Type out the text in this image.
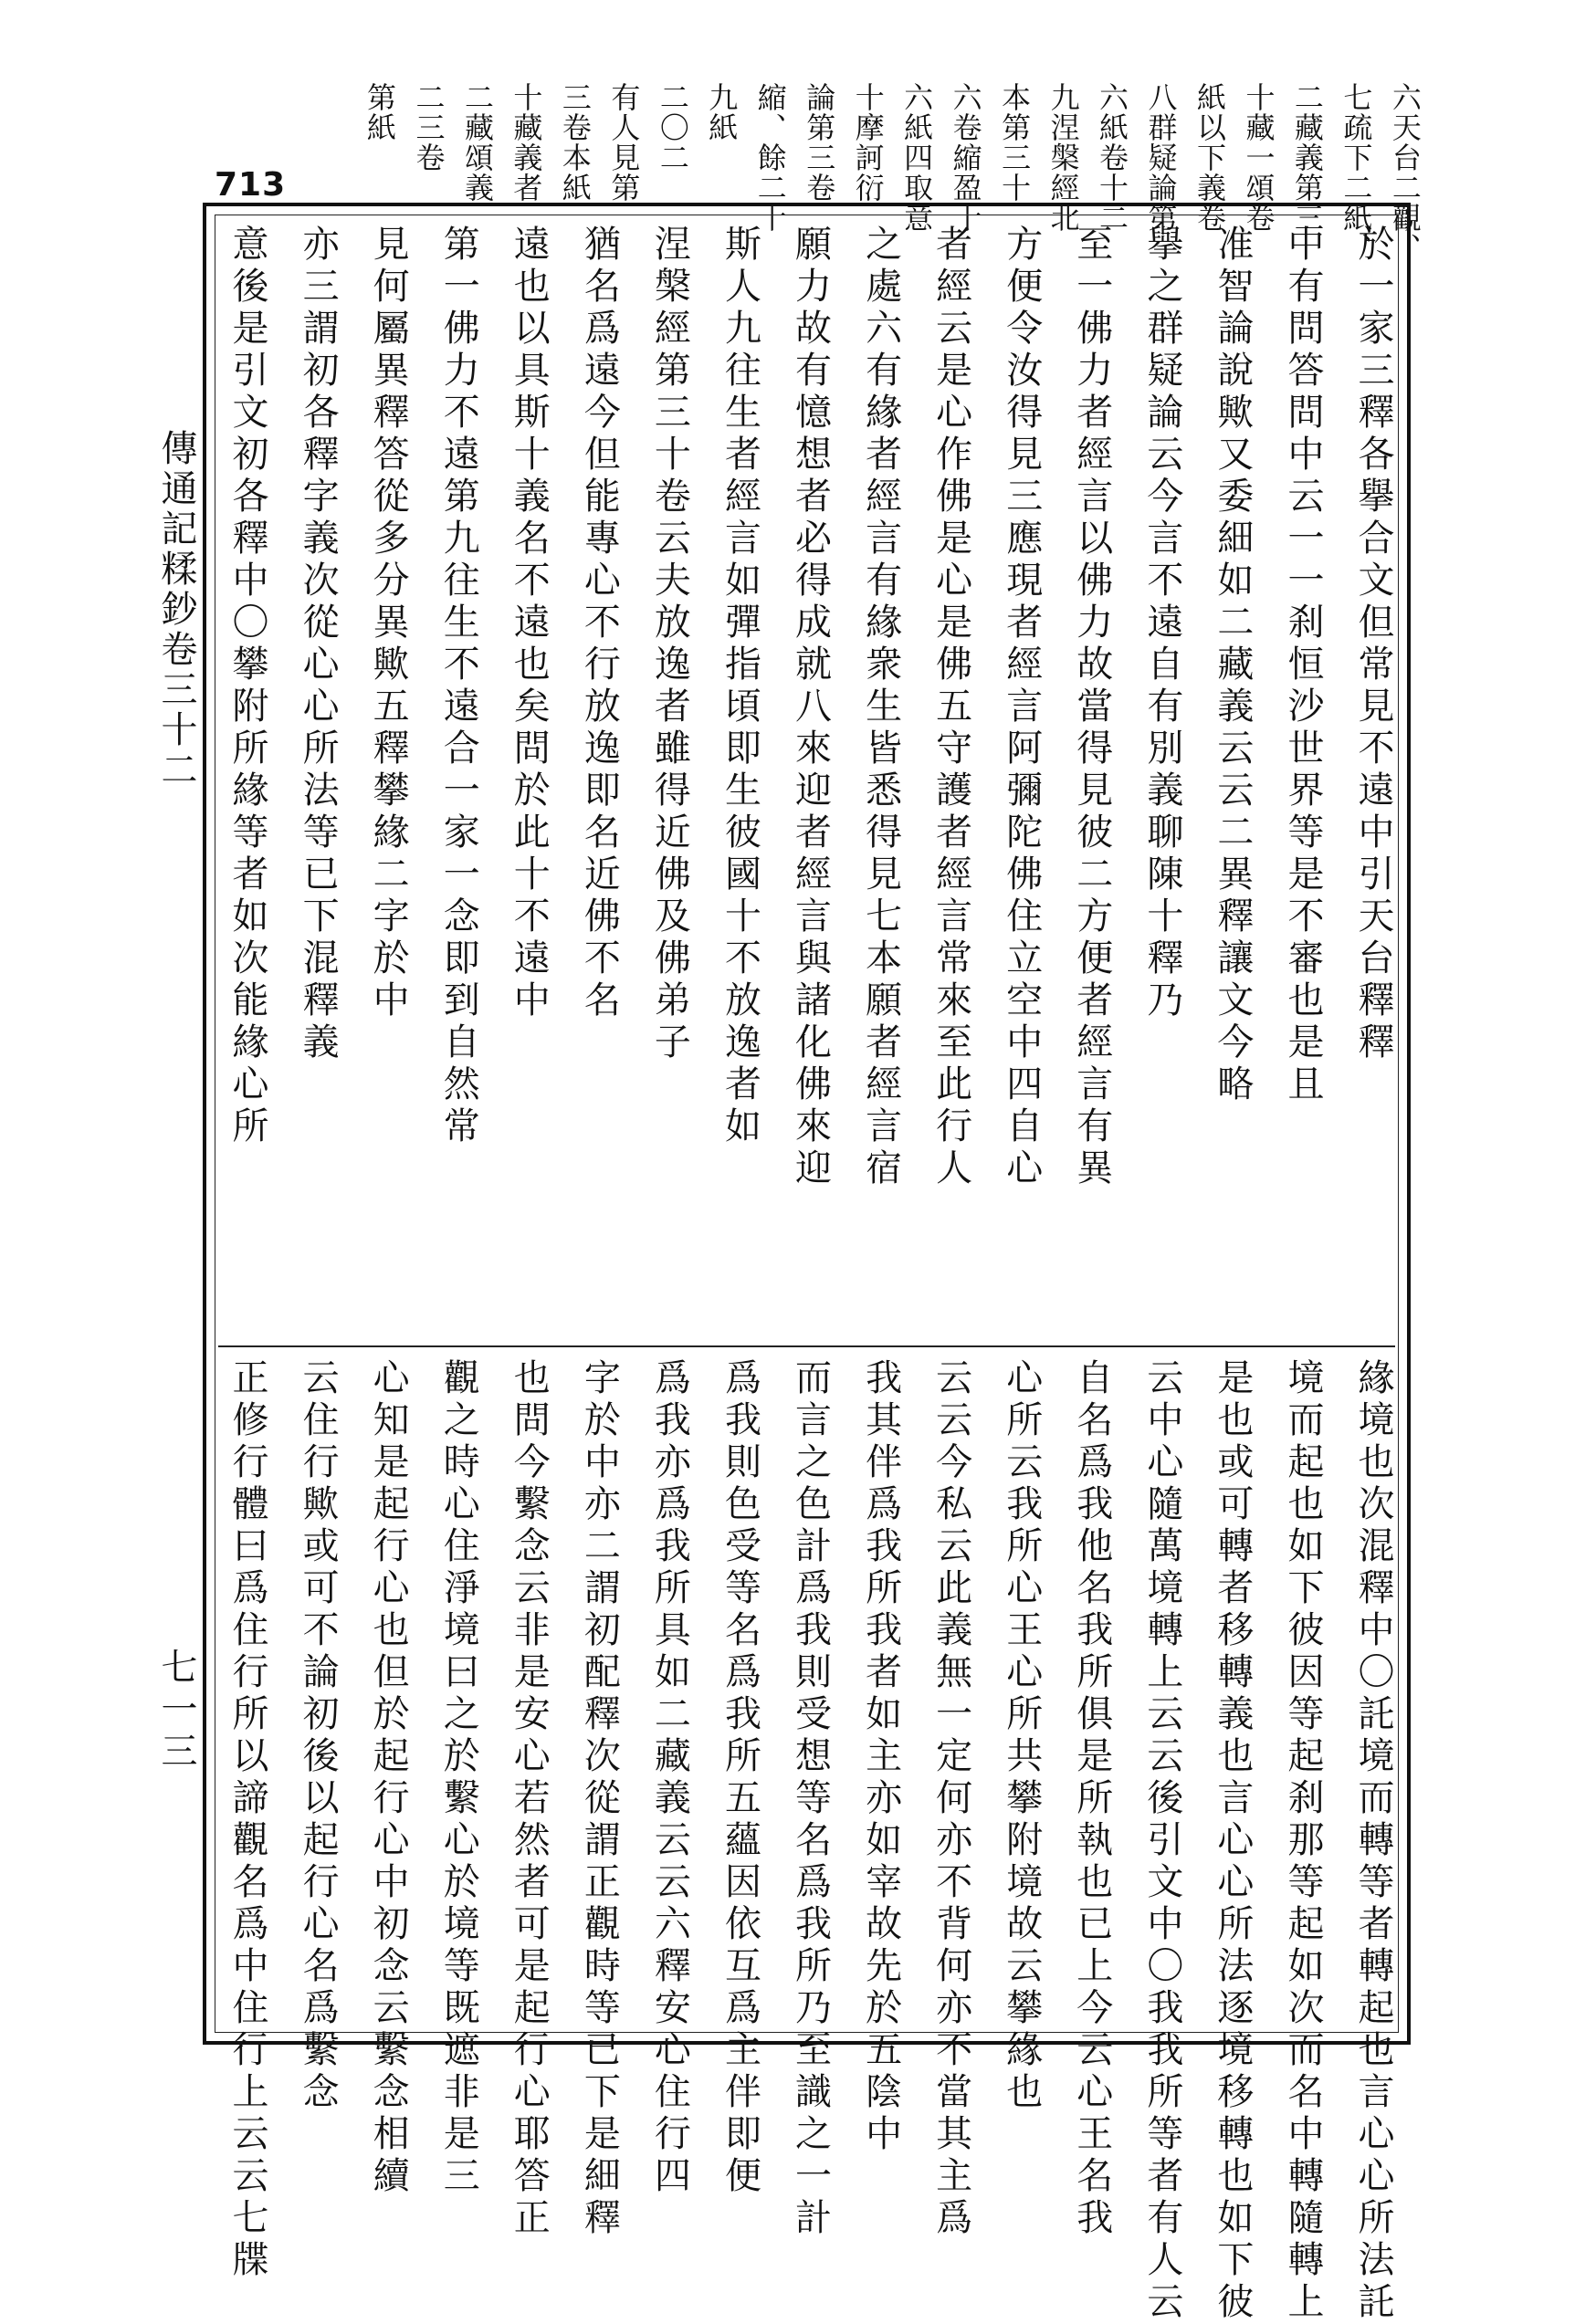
六天台二觀、
七疏下二紙、
二藏義第三
十藏一頌卷
紙以下義卷
八群疑論第
六紙卷十二
九涅槃經北
本第三十
六卷縮盈十
六紙四取意
十摩訶衍
論第三卷
縮、餘二十
九紙
二〇二
有人見第
三卷本紙
十藏義者
二藏頌義
二三卷
第紙
713
於一家三釋各擧合文但常見不遠中引天台釋釋
中有問答問中云一一刹恒沙世界等是不審也是且
准智論說歟又委細如二藏義云云二異釋讓文今略
擧之群疑論云今言不遠自有別義聊陳十釋乃
至一佛力者經言以佛力故當得見彼二方便者經言有異
方便令汝得見三應現者經言阿彌陀佛住立空中四自心
者經云是心作佛是心是佛五守護者經言常來至此行人
之處六有緣者經言有緣衆生皆悉得見七本願者經言宿
願力故有憶想者必得成就八來迎者經言與諸化佛來迎
斯人九往生者經言如彈指頃即生彼國十不放逸者如
涅槃經第三十卷云夫放逸者雖得近佛及佛弟子
猶名爲遠今但能專心不行放逸即名近佛不名
遠也以具斯十義名不遠也矣問於此十不遠中
第一佛力不遠第九往生不遠合一家一念即到自然常
見何屬異釋答從多分異歟五釋攀緣二字於中
亦三謂初各釋字義次從心心所法等已下混釋義
意後是引文初各釋中〇攀附所緣等者如次能緣心所
緣境也次混釋中〇託境而轉等者轉起也言心心所法託
境而起也如下彼因等起刹那等起如次而名中轉隨轉上
是也或可轉者移轉義也言心心所法逐境移轉也如下彼
云中心隨萬境轉上云云後引文中〇我我所等者有人云
自名爲我他名我所俱是所執也已上今云心王名我
心所云我所心王心所共攀附境故云攀緣也
云云今私云此義無一定何亦不背何亦不當其主爲
我其伴爲我所我者如主亦如宰故先於五陰中
而言之色計爲我則受想等名爲我所乃至識之一計
爲我則色受等名爲我所五蘊因依互爲主伴即便
爲我亦爲我所具如二藏義云云六釋安心住行四
字於中亦二謂初配釋次從謂正觀時等已下是細釋
也問今繫念云非是安心若然者可是起行心耶答正
觀之時心住淨境曰之於繫心於境等既遮非是三
心知是起行心也但於起行心中初念云繫念相續
云住行歟或可不論初後以起行心名爲繫念
正修行體曰爲住行所以諦觀名爲中住行上云云七牒
傳通記糅鈔卷三十二
七一三
